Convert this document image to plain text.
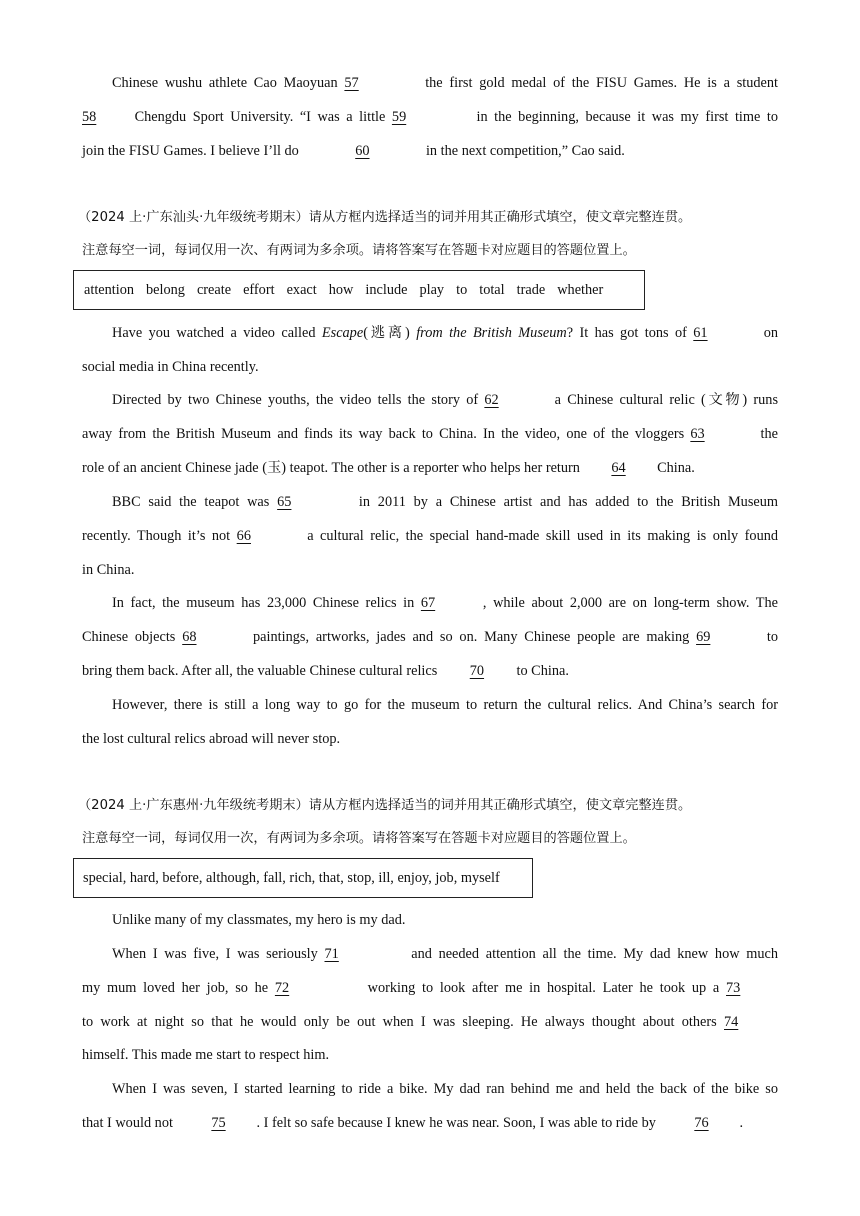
Chinese wushu athlete Cao Maoyuan 57	the first gold medal of the FISU Games. He is a student
58	Chengdu Sport University. “I was a little 59	in the beginning, because it was my first time to
join the FISU Games. I believe I’ll do	60	in the next competition,” Cao said.
（2024 上·广东汕头·九年级统考期末）请从方框内选择适当的词并用其正确形式填空，使文章完整连贯。
注意每空一词，每词仅用一次、有两词为多余项。请将答案写在答题卡对应题目的答题位置上。
attention belong create effort exact how include play to total trade whether
Have you watched a video called Escape(逃离) from the British Museum? It has got tons of 61	on
social media in China recently.
Directed by two Chinese youths, the video tells the story of 62	a Chinese cultural relic (文物) runs
away from the British Museum and finds its way back to China. In the video, one of the vloggers 63	the
role of an ancient Chinese jade (玉) teapot. The other is a reporter who helps her return 64 China.
BBC said the teapot was 65	in 2011 by a Chinese artist and has added to the British Museum
recently. Though it’s not 66	a cultural relic, the special hand-made skill used in its making is only found
in China.
In fact, the museum has 23,000 Chinese relics in 67	, while about 2,000 are on long-term show. The
Chinese objects 68	paintings, artworks, jades and so on. Many Chinese people are making 69	to
bring them back. After all, the valuable Chinese cultural relics 70 to China.
However, there is still a long way to go for the museum to return the cultural relics. And China’s search for
the lost cultural relics abroad will never stop.
（2024 上·广东惠州·九年级统考期末）请从方框内选择适当的词并用其正确形式填空，使文章完整连贯。
注意每空一词，每词仅用一次，有两词为多余项。请将答案写在答题卡对应题目的答题位置上。
special, hard, before, although, fall, rich, that, stop, ill, enjoy, job, myself
Unlike many of my classmates, my hero is my dad.
When I was five, I was seriously 71	and needed attention all the time. My dad knew how much
my mum loved her job, so he 72	working to look after me in hospital. Later he took up a 73
to work at night so that he would only be out when I was sleeping. He always thought about others 74
himself. This made me start to respect him.
When I was seven, I started learning to ride a bike. My dad ran behind me and held the back of the bike so
that I would not	75 . I felt so safe because I knew he was near. Soon, I was able to ride by	76 .
